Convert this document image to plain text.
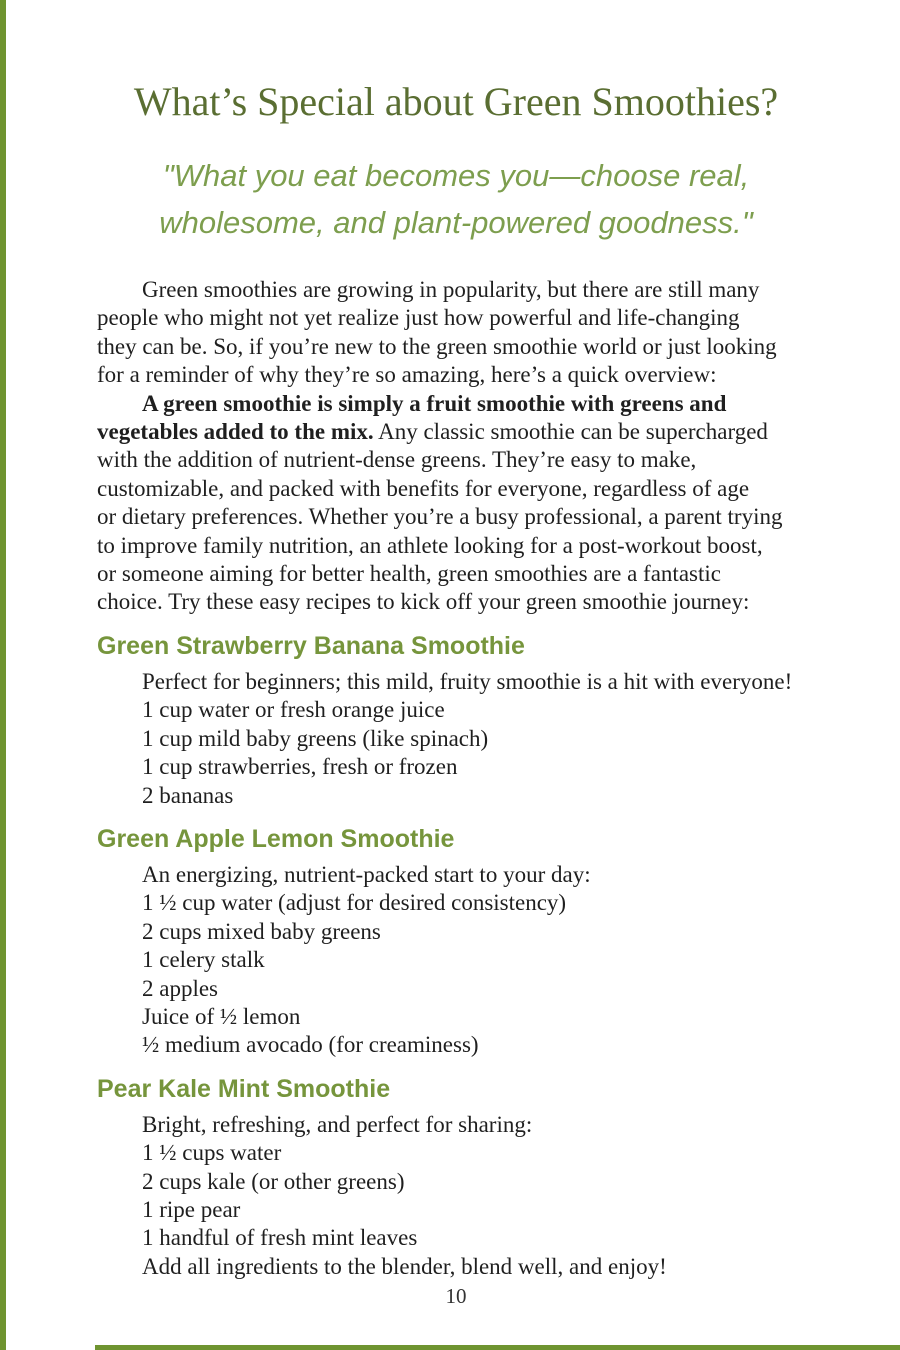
What’s Special about Green Smoothies?
"What you eat becomes you—choose real,
wholesome, and plant-powered goodness."
Green smoothies are growing in popularity, but there are still many
people who might not yet realize just how powerful and life-changing
they can be. So, if you’re new to the green smoothie world or just looking
for a reminder of why they’re so amazing, here’s a quick overview:
A green smoothie is simply a fruit smoothie with greens and
vegetables added to the mix. Any classic smoothie can be supercharged
with the addition of nutrient-dense greens. They’re easy to make,
customizable, and packed with benefits for everyone, regardless of age
or dietary preferences. Whether you’re a busy professional, a parent trying
to improve family nutrition, an athlete looking for a post-workout boost,
or someone aiming for better health, green smoothies are a fantastic
choice. Try these easy recipes to kick off your green smoothie journey:
Green Strawberry Banana Smoothie
Perfect for beginners; this mild, fruity smoothie is a hit with everyone!
1 cup water or fresh orange juice
1 cup mild baby greens (like spinach)
1 cup strawberries, fresh or frozen
2 bananas
Green Apple Lemon Smoothie
An energizing, nutrient-packed start to your day:
1 ½ cup water (adjust for desired consistency)
2 cups mixed baby greens
1 celery stalk
2 apples
Juice of ½ lemon
½ medium avocado (for creaminess)
Pear Kale Mint Smoothie
Bright, refreshing, and perfect for sharing:
1 ½ cups water
2 cups kale (or other greens)
1 ripe pear
1 handful of fresh mint leaves
Add all ingredients to the blender, blend well, and enjoy!
10
